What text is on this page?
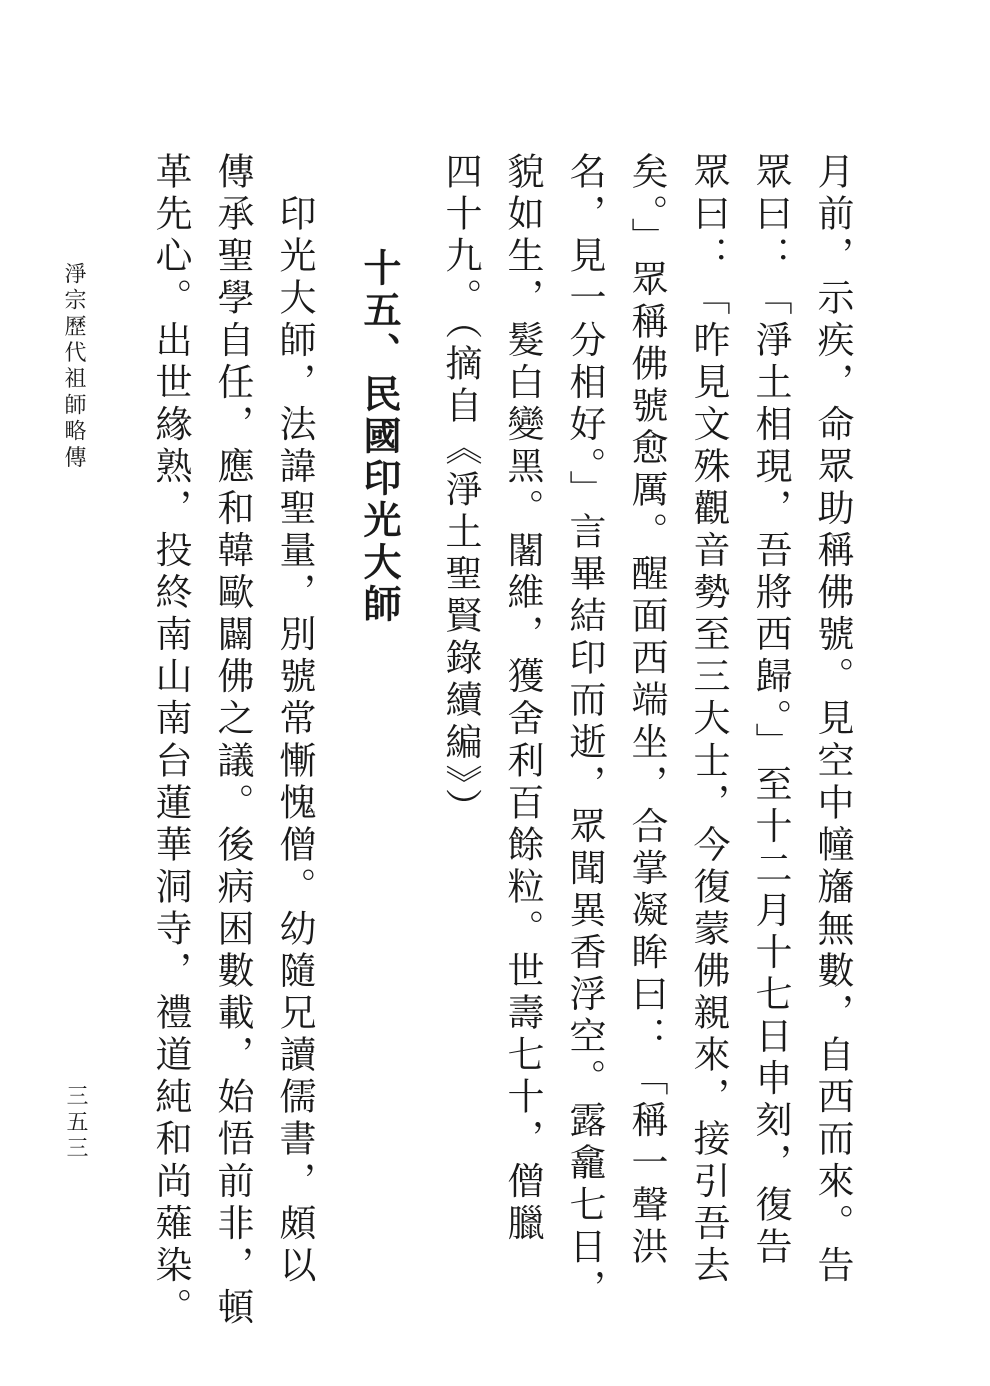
月前，示疾，命眾助稱佛號。見空中幢旛無數，自西而來。告
眾曰：「淨土相現，吾將西歸。」至十二月十七日申刻，復告
眾曰：「昨見文殊觀音勢至三大士，今復蒙佛親來，接引吾去
矣。」眾稱佛號愈厲。醒面西端坐，合掌凝眸曰：「稱一聲洪
名，見一分相好。」言畢結印而逝，眾聞異香浮空。露龕七日，
貌如生，髮白變黑。闍維，獲舍利百餘粒。世壽七十，僧臘
四十九。（摘自《淨土聖賢錄續編》）
十五、民國印光大師
　印光大師，法諱聖量，別號常慚愧僧。幼隨兄讀儒書，頗以
傳承聖學自任，應和韓歐闢佛之議。後病困數載，始悟前非，頓
革先心。出世緣熟，投終南山南台蓮華洞寺，禮道純和尚薙染。
淨宗歷代祖師略傳
三五三
